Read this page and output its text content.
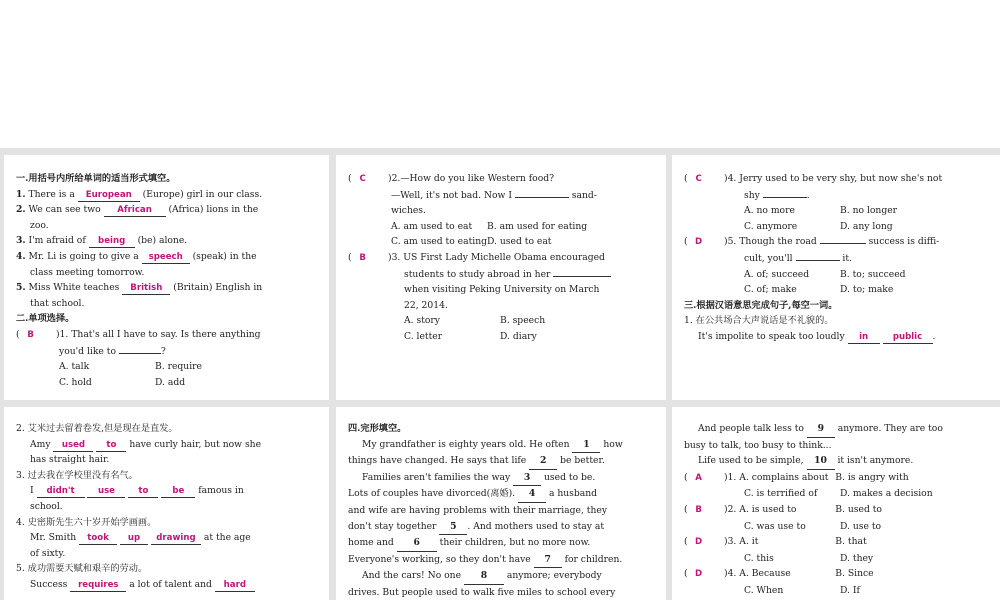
一.用括号内所给单词的适当形式填空。
1. There is a European (Europe) girl in our class.
2. We can see two African (Africa) lions in the
zoo.
3. I'm afraid of being (be) alone.
4. Mr. Li is going to give a speech (speak) in the
class meeting tomorrow.
5. Miss White teaches British (Britain) English in
that school.
二.单项选择。
( B )1. That's all I have to say. Is there anything
you'd like to	?
A. talk	B. require
C. hold	D. add
( C )2.—How do you like Western food?
—Well, it's not bad. Now I	sand-
wiches.
A. am used to eat B. am used for eating
C. am used to eatingD. used to eat
( B )3. US First Lady Michelle Obama encouraged
students to study abroad in her
when visiting Peking University on March
22, 2014.
A. story	B. speech
C. letter	D. diary
( C )4. Jerry used to be very shy, but now she's not
shy	.
A. no more	B. no longer
C. anymore	D. any long
( D )5. Though the road	success is diffi-
cult, you'll	it.
A. of; succeed	B. to; succeed
C. of; make	D. to; make
三.根据汉语意思完成句子,每空一词。
1. 在公共场合大声说话是不礼貌的。
It's impolite to speak too loudly in	public .
2. 艾米过去留着卷发,但是现在是直发。
Amy used to have curly hair, but now she
has straight hair.
3. 过去我在学校里没有名气。
I didn't	use	to	be famous in
school.
4. 史密斯先生六十岁开始学画画。
Mr. Smith took up drawing at the age
of sixty.
5. 成功需要天赋和艰辛的劳动。
Success requires a lot of talent and hard
四.完形填空。
My grandfather is eighty years old. He often 1 how
things have changed. He says that life 2 be better.
Families aren't families the way 3 used to be.
Lots of couples have divorced(离婚). 4 a husband
and wife are having problems with their marriage, they
don't stay together 5 . And mothers used to stay at
home and 6 their children, but no more now.
Everyone's working, so they don't have 7 for children.
And the cars! No one 8 anymore; everybody
drives. But people used to walk five miles to school every
And people talk less to 9 anymore. They are too
busy to talk, too busy to think...
Life used to be simple, 10 it isn't anymore.
( A )1. A. complains about B. is angry with
C. is terrified of D. makes a decision
( B )2. A. is used to	B. used to
C. was use to	D. use to
( D )3. A. it	B. that
C. this	D. they
( D )4. A. Because	B. Since
C. When	D. If
